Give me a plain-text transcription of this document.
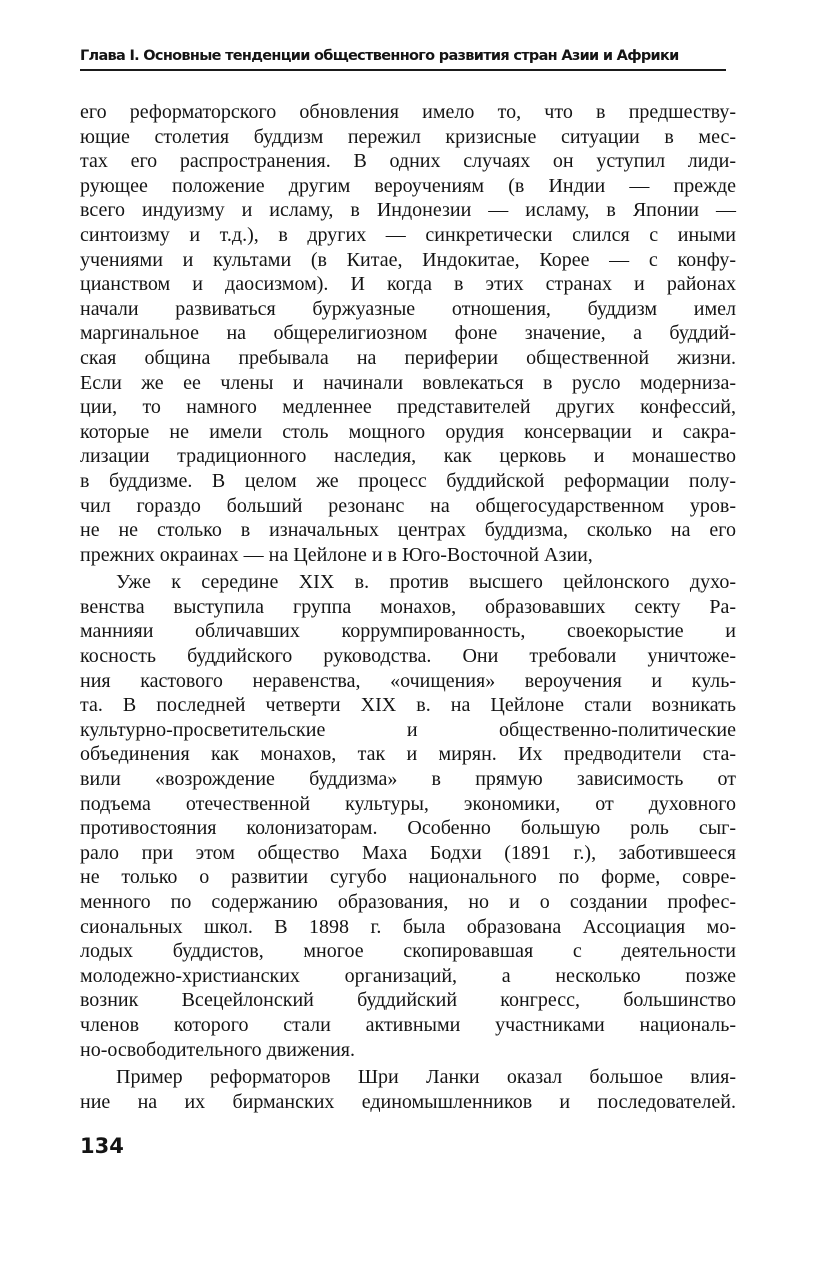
Глава I. Основные тенденции общественного развития стран Азии и Африки
его реформаторского обновления имело то, что в предшеству-
ющие столетия буддизм пережил кризисные ситуации в мес-
тах его распространения. В одних случаях он уступил лиди-
рующее положение другим вероучениям (в Индии — прежде
всего индуизму и исламу, в Индонезии — исламу, в Японии —
синтоизму и т.д.), в других — синкретически слился с иными
учениями и культами (в Китае, Индокитае, Корее — с конфу-
цианством и даосизмом). И когда в этих странах и районах
начали развиваться буржуазные отношения, буддизм имел
маргинальное на общерелигиозном фоне значение, а буддий-
ская община пребывала на периферии общественной жизни.
Если же ее члены и начинали вовлекаться в русло модерниза-
ции, то намного медленнее представителей других конфессий,
которые не имели столь мощного орудия консервации и сакра-
лизации традиционного наследия, как церковь и монашество
в буддизме. В целом же процесс буддийской реформации полу-
чил гораздо больший резонанс на общегосударственном уров-
не не столько в изначальных центрах буддизма, сколько на его
прежних окраинах — на Цейлоне и в Юго-Восточной Азии,
Уже к середине XIX в. против высшего цейлонского духо-
венства выступила группа монахов, образовавших секту Ра-
маннияи обличавших коррумпированность, своекорыстие и
косность буддийского руководства. Они требовали уничтоже-
ния кастового неравенства, «очищения» вероучения и куль-
та. В последней четверти XIX в. на Цейлоне стали возникать
культурно-просветительские и общественно-политические
объединения как монахов, так и мирян. Их предводители ста-
вили «возрождение буддизма» в прямую зависимость от
подъема отечественной культуры, экономики, от духовного
противостояния колонизаторам. Особенно большую роль сыг-
рало при этом общество Маха Бодхи (1891 г.), заботившееся
не только о развитии сугубо национального по форме, совре-
менного по содержанию образования, но и о создании профес-
сиональных школ. В 1898 г. была образована Ассоциация мо-
лодых буддистов, многое скопировавшая с деятельности
молодежно-христианских организаций, а несколько позже
возник Всецейлонский буддийский конгресс, большинство
членов которого стали активными участниками националь-
но-освободительного движения.
Пример реформаторов Шри Ланки оказал большое влия-
ние на их бирманских единомышленников и последователей.
134
